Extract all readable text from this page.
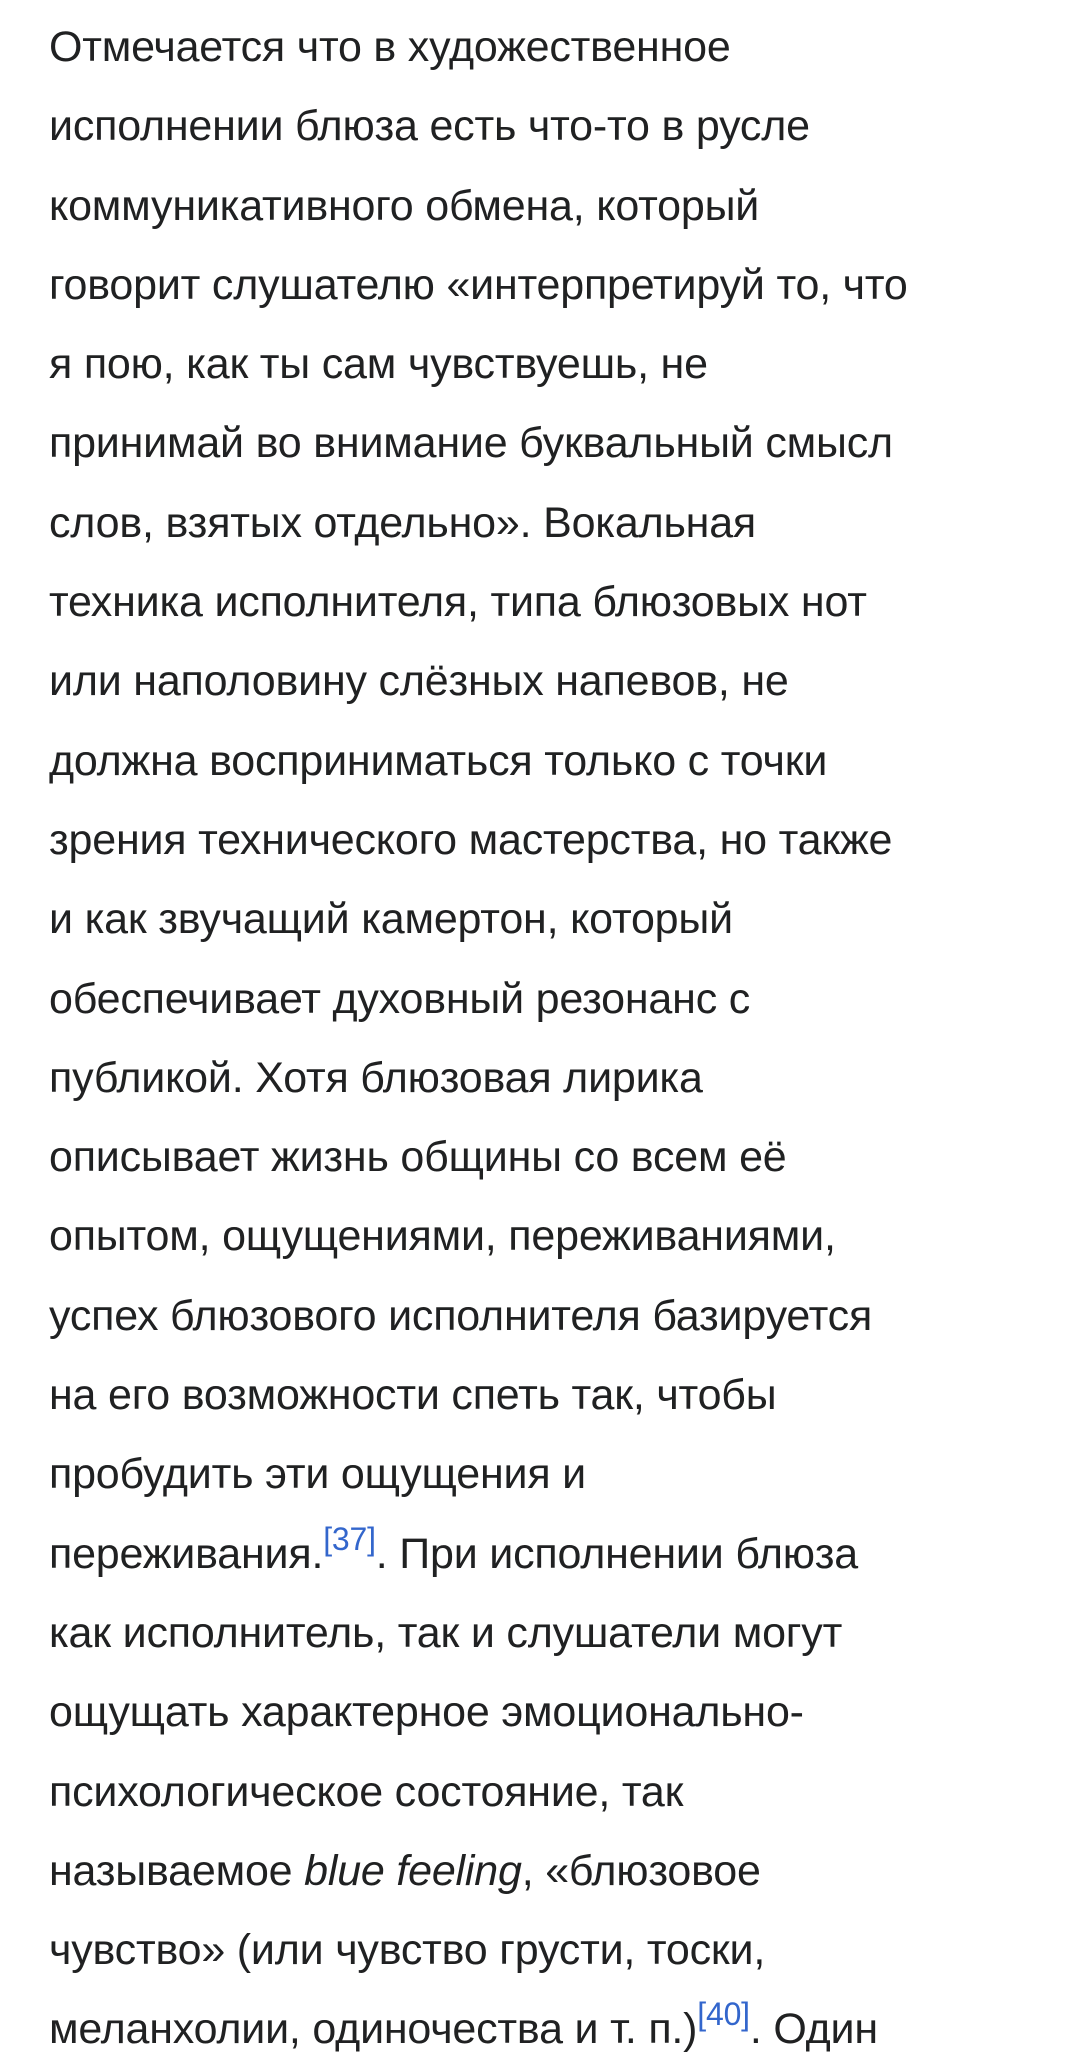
Отмечается что в художественное
исполнении блюза есть что-то в русле
коммуникативного обмена, который
говорит слушателю «интерпретируй то, что
я пою, как ты сам чувствуешь, не
принимай во внимание буквальный смысл
слов, взятых отдельно». Вокальная
техника исполнителя, типа блюзовых нот
или наполовину слёзных напевов, не
должна восприниматься только с точки
зрения технического мастерства, но также
и как звучащий камертон, который
обеспечивает духовный резонанс с
публикой. Хотя блюзовая лирика
описывает жизнь общины со всем её
опытом, ощущениями, переживаниями,
успех блюзового исполнителя базируется
на его возможности спеть так, чтобы
пробудить эти ощущения и
переживания.[37]. При исполнении блюза
как исполнитель, так и слушатели могут
ощущать характерное эмоционально-
психологическое состояние, так
называемое blue feeling, «блюзовое
чувство» (или чувство грусти, тоски,
меланхолии, одиночества и т. п.)[40]. Один
